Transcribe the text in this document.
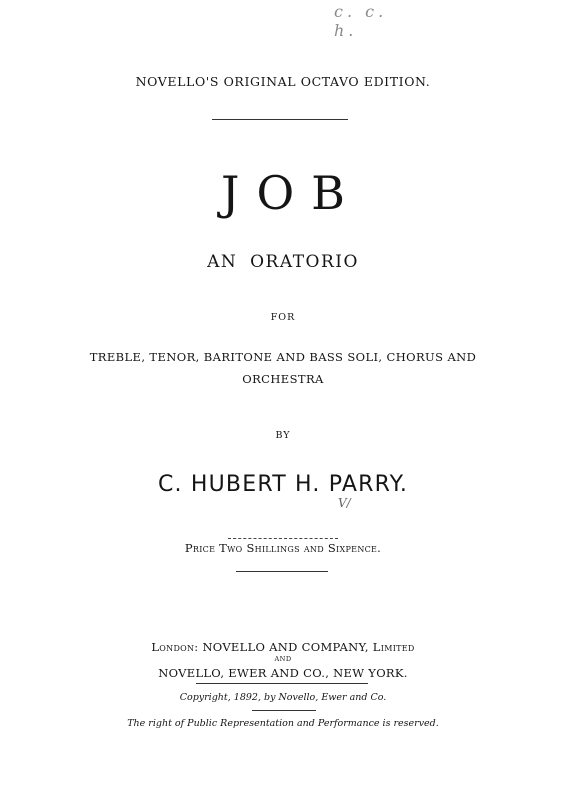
c. c. h.
NOVELLO'S ORIGINAL OCTAVO EDITION.
JOB
AN ORATORIO
FOR
TREBLE, TENOR, BARITONE AND BASS SOLI, CHORUS AND
ORCHESTRA
BY
C. HUBERT H. PARRY.
V/
Price Two Shillings and Sixpence.
London: NOVELLO AND COMPANY, Limited
AND
NOVELLO, EWER AND CO., NEW YORK.
Copyright, 1892, by Novello, Ewer and Co.
The right of Public Representation and Performance is reserved.
